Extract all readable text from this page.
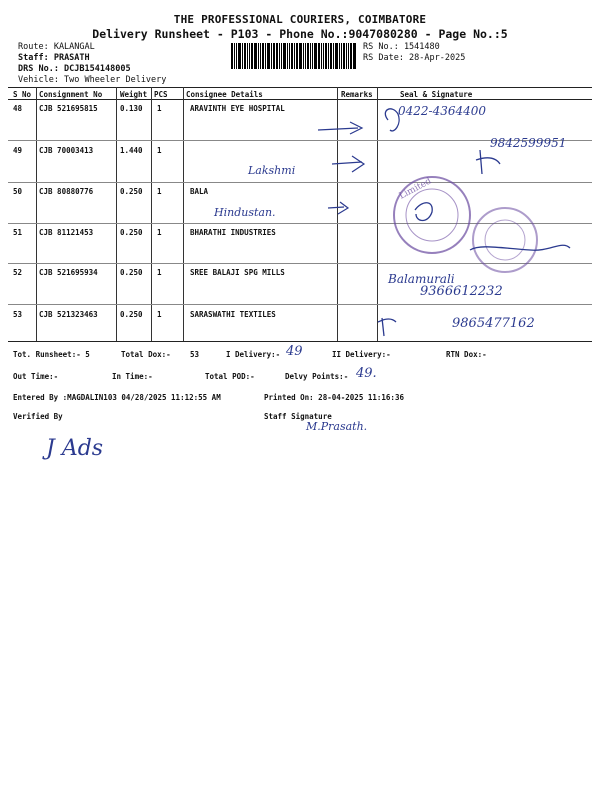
THE PROFESSIONAL COURIERS, COIMBATORE
Delivery Runsheet - P103 - Phone No.:9047080280 - Page No.:5
Route: KALANGAL
Staff: PRASATH
DRS No.: DCJB154148005
Vehicle: Two Wheeler Delivery
RS No.: 1541480
RS Date: 28-Apr-2025
S No Consignment No Weight PCS Consignee Details	Remarks	Seal & Signature
48 CJB 521695815	0.130 1	ARAVINTH EYE HOSPITAL
49 CJB 70003413	1.440 1
50 CJB 80880776	0.250 1	BALA
51 CJB 81121453	0.250 1	BHARATHI INDUSTRIES
52 CJB 521695934	0.250 1	SREE BALAJI SPG MILLS
53 CJB 521323463	0.250 1	SARASWATHI TEXTILES
0422-4364400
9842599951
Lakshmi
Hindustan.
Limited
Balamurali
9366612232
9865477162
Tot. Runsheet:- 5	Total Dox:-	53	I Delivery:- 49	II Delivery:-	RTN Dox:-
Out Time:-	In Time:-	Total POD:-	Delvy Points:- 49.
Entered By :MAGDALIN103 04/28/2025 11:12:55 AM	Printed On: 28-04-2025 11:16:36
Verified By	Staff Signature
M.Prasath.
J Ads
